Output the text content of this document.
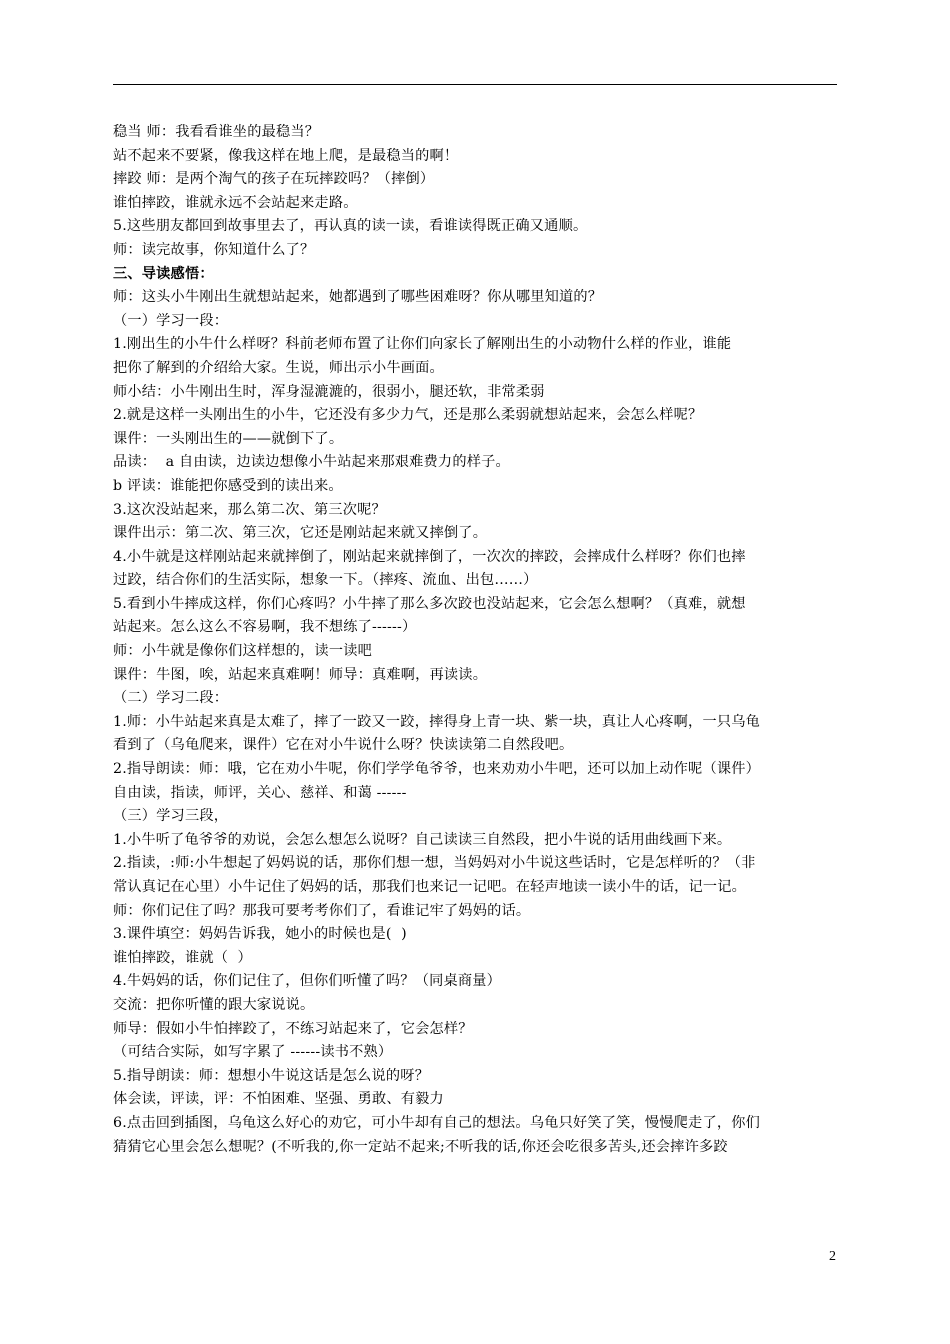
稳当 师：我看看谁坐的最稳当？
站不起来不要紧，像我这样在地上爬，是最稳当的啊！
摔跤 师：是两个淘气的孩子在玩摔跤吗？（摔倒）
谁怕摔跤，谁就永远不会站起来走路。
5.这些朋友都回到故事里去了，再认真的读一读，看谁读得既正确又通顺。
师：读完故事，你知道什么了？
三、导读感悟：
师：这头小牛刚出生就想站起来，她都遇到了哪些困难呀？你从哪里知道的？
（一）学习一段：
1.刚出生的小牛什么样呀？科前老师布置了让你们向家长了解刚出生的小动物什么样的作业，谁能
把你了解到的介绍给大家。生说，师出示小牛画面。
师小结：小牛刚出生时，浑身湿漉漉的，很弱小，腿还软，非常柔弱
2.就是这样一头刚出生的小牛，它还没有多少力气，还是那么柔弱就想站起来，会怎么样呢？
课件：一头刚出生的——就倒下了。
品读：  a 自由读，边读边想像小牛站起来那艰难费力的样子。
b 评读：谁能把你感受到的读出来。
3.这次没站起来，那么第二次、第三次呢？
课件出示：第二次、第三次，它还是刚站起来就又摔倒了。
4.小牛就是这样刚站起来就摔倒了，刚站起来就摔倒了，一次次的摔跤，会摔成什么样呀？你们也摔
过跤，结合你们的生活实际，想象一下。（摔疼、流血、出包……）
5.看到小牛摔成这样，你们心疼吗？小牛摔了那么多次跤也没站起来，它会怎么想啊？（真难，就想
站起来。怎么这么不容易啊，我不想练了------）
师：小牛就是像你们这样想的，读一读吧
课件：牛图，唉，站起来真难啊！师导：真难啊，再读读。
（二）学习二段：
1.师：小牛站起来真是太难了，摔了一跤又一跤，摔得身上青一块、紫一块，真让人心疼啊，一只乌龟
看到了（乌龟爬来，课件）它在对小牛说什么呀？快读读第二自然段吧。
2.指导朗读：师：哦，它在劝小牛呢，你们学学龟爷爷，也来劝劝小牛吧，还可以加上动作呢（课件）
自由读，指读，师评，关心、慈祥、和蔼 ------
（三）学习三段，
1.小牛听了龟爷爷的劝说，会怎么想怎么说呀？自己读读三自然段，把小牛说的话用曲线画下来。
2.指读，:师:小牛想起了妈妈说的话，那你们想一想，当妈妈对小牛说这些话时，它是怎样听的？（非
常认真记在心里）小牛记住了妈妈的话，那我们也来记一记吧。在轻声地读一读小牛的话，记一记。
师：你们记住了吗？那我可要考考你们了，看谁记牢了妈妈的话。
3.课件填空：妈妈告诉我，她小的时候也是(  )
谁怕摔跤，谁就（  ）
4.牛妈妈的话，你们记住了，但你们听懂了吗？（同桌商量）
交流：把你听懂的跟大家说说。
师导：假如小牛怕摔跤了，不练习站起来了，它会怎样？
（可结合实际，如写字累了 ------读书不熟）
5.指导朗读：师：想想小牛说这话是怎么说的呀？
体会读，评读，评：不怕困难、坚强、勇敢、有毅力
6.点击回到插图，乌龟这么好心的劝它，可小牛却有自己的想法。乌龟只好笑了笑，慢慢爬走了，你们
猜猜它心里会怎么想呢？(不听我的,你一定站不起来;不听我的话,你还会吃很多苦头,还会摔许多跤
2
